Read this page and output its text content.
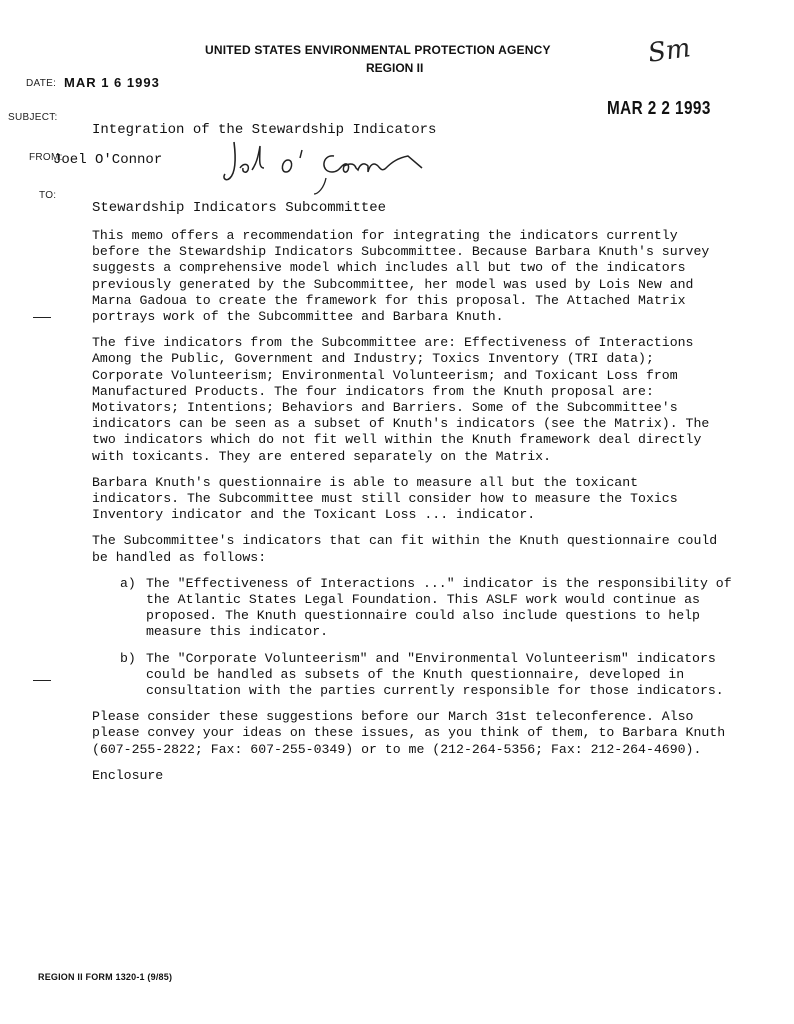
UNITED STATES ENVIRONMENTAL PROTECTION AGENCY
REGION II	Sm
DATE: MAR 1 6 1993
MAR 2 2 1993
SUBJECT:
Integration of the Stewardship Indicators
FROM:
Joel O'Connor
TO:
Stewardship Indicators Subcommittee

This memo offers a recommendation for integrating the indicators currently before the Stewardship Indicators Subcommittee. Because Barbara Knuth's survey suggests a comprehensive model which includes all but two of the indicators previously generated by the Subcommittee, her model was used by Lois New and Marna Gadoua to create the framework for this proposal. The Attached Matrix portrays work of the Subcommittee and Barbara Knuth.

The five indicators from the Subcommittee are: Effectiveness of Interactions Among the Public, Government and Industry; Toxics Inventory (TRI data); Corporate Volunteerism; Environmental Volunteerism; and Toxicant Loss from Manufactured Products. The four indicators from the Knuth proposal are: Motivators; Intentions; Behaviors and Barriers. Some of the Subcommittee's indicators can be seen as a subset of Knuth's indicators (see the Matrix). The two indicators which do not fit well within the Knuth framework deal directly with toxicants. They are entered separately on the Matrix.

Barbara Knuth's questionnaire is able to measure all but the toxicant indicators. The Subcommittee must still consider how to measure the Toxics Inventory indicator and the Toxicant Loss ... indicator.

The Subcommittee's indicators that can fit within the Knuth questionnaire could be handled as follows:

a) The "Effectiveness of Interactions ..." indicator is the responsibility of the Atlantic States Legal Foundation. This ASLF work would continue as proposed. The Knuth questionnaire could also include questions to help measure this indicator.
b) The "Corporate Volunteerism" and "Environmental Volunteerism" indicators could be handled as subsets of the Knuth questionnaire, developed in consultation with the parties currently responsible for those indicators.

Please consider these suggestions before our March 31st teleconference. Also please convey your ideas on these issues, as you think of them, to Barbara Knuth (607-255-2822; Fax: 607-255-0349) or to me (212-264-5356; Fax: 212-264-4690).

Enclosure

REGION II FORM 1320-1 (9/85)
